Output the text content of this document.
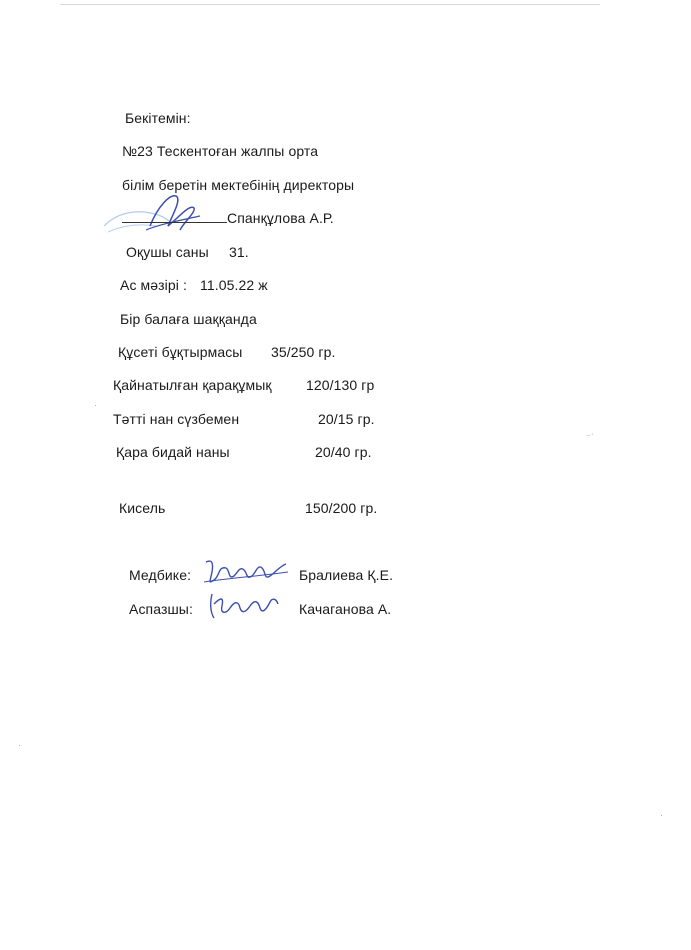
Бекітемін:
№23 Тескентоған жалпы орта
білім беретін мектебінің директоры
Спанқұлова А.Р.
Оқушы саны 31.
Ас мәзірі : 11.05.22 ж
Бір балаға шаққанда
Құсеті бұқтырмасы 35/250 гр.
Қайнатылған қарақұмық 120/130 гр
Тәтті нан сүзбемен	20/15 гр.
Қара бидай наны	20/40 гр.
Кисель	150/200 гр.
Медбике:	Бралиева Қ.Е.
Аспазшы:	Качаганова А.
⁻ʾ
·
·
·
